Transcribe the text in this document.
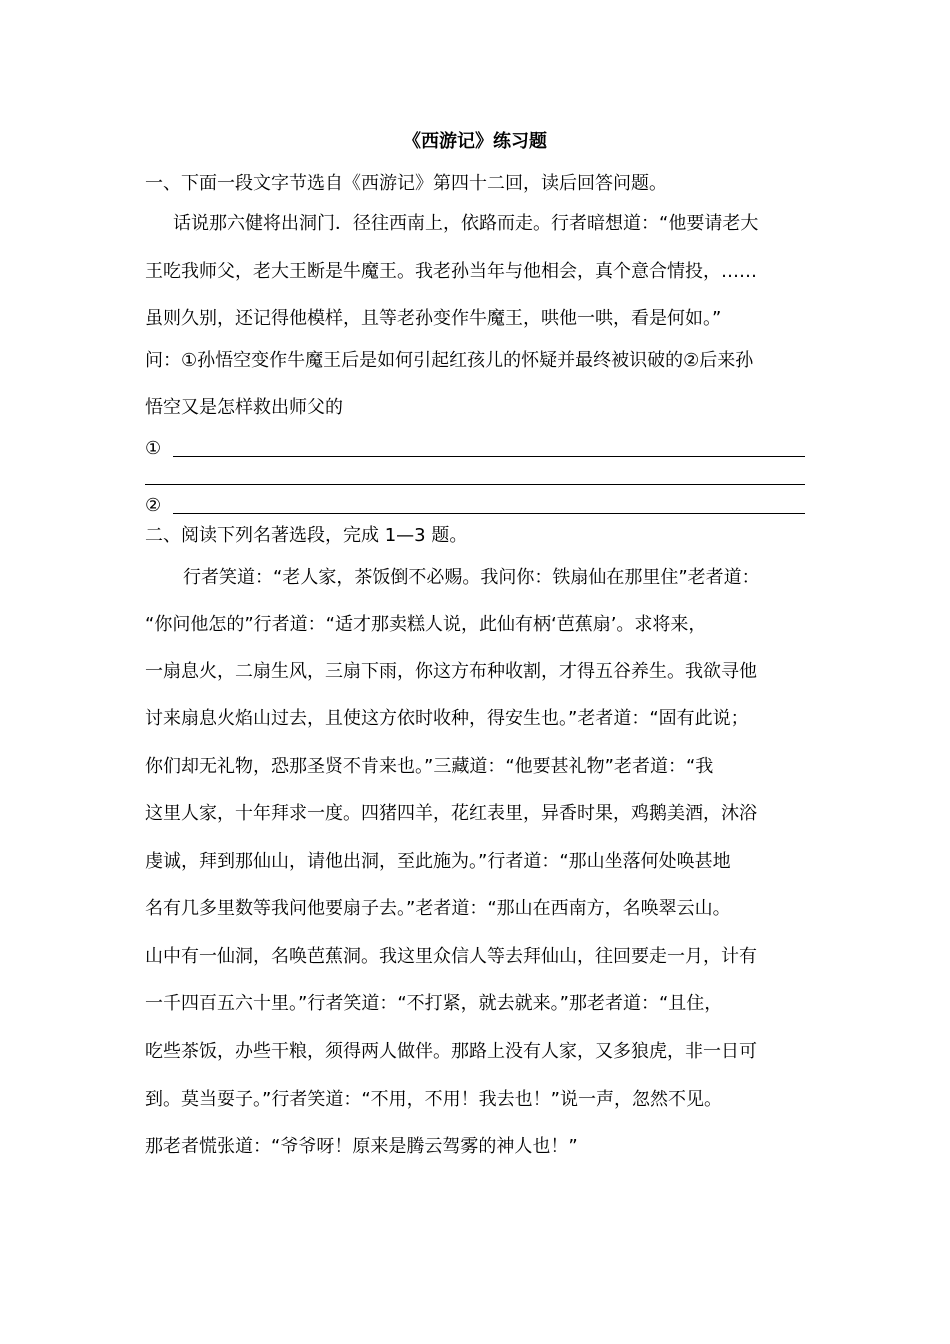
《西游记》练习题
一、下面一段文字节选自《西游记》第四十二回，读后回答问题。
话说那六健将出洞门．径往西南上，依路而走。行者暗想道：“他要请老大
王吃我师父，老大王断是牛魔王。我老孙当年与他相会，真个意合情投，……
虽则久别，还记得他模样，且等老孙变作牛魔王，哄他一哄，看是何如。”
问：①孙悟空变作牛魔王后是如何引起红孩儿的怀疑并最终被识破的②后来孙
悟空又是怎样救出师父的
①
②
二、阅读下列名著选段，完成 1—3 题。
行者笑道：“老人家，茶饭倒不必赐。我问你：铁扇仙在那里住”老者道：
“你问他怎的”行者道：“适才那卖糕人说，此仙有柄‘芭蕉扇’。求将来，
一扇息火，二扇生风，三扇下雨，你这方布种收割，才得五谷养生。我欲寻他
讨来扇息火焰山过去，且使这方依时收种，得安生也。”老者道：“固有此说；
你们却无礼物，恐那圣贤不肯来也。”三藏道：“他要甚礼物”老者道：“我
这里人家，十年拜求一度。四猪四羊，花红表里，异香时果，鸡鹅美酒，沐浴
虔诚，拜到那仙山，请他出洞，至此施为。”行者道：“那山坐落何处唤甚地
名有几多里数等我问他要扇子去。”老者道：“那山在西南方，名唤翠云山。
山中有一仙洞，名唤芭蕉洞。我这里众信人等去拜仙山，往回要走一月，计有
一千四百五六十里。”行者笑道：“不打紧，就去就来。”那老者道：“且住，
吃些茶饭，办些干粮，须得两人做伴。那路上没有人家，又多狼虎，非一日可
到。莫当耍子。”行者笑道：“不用，不用！我去也！”说一声，忽然不见。
那老者慌张道：“爷爷呀！原来是腾云驾雾的神人也！”
